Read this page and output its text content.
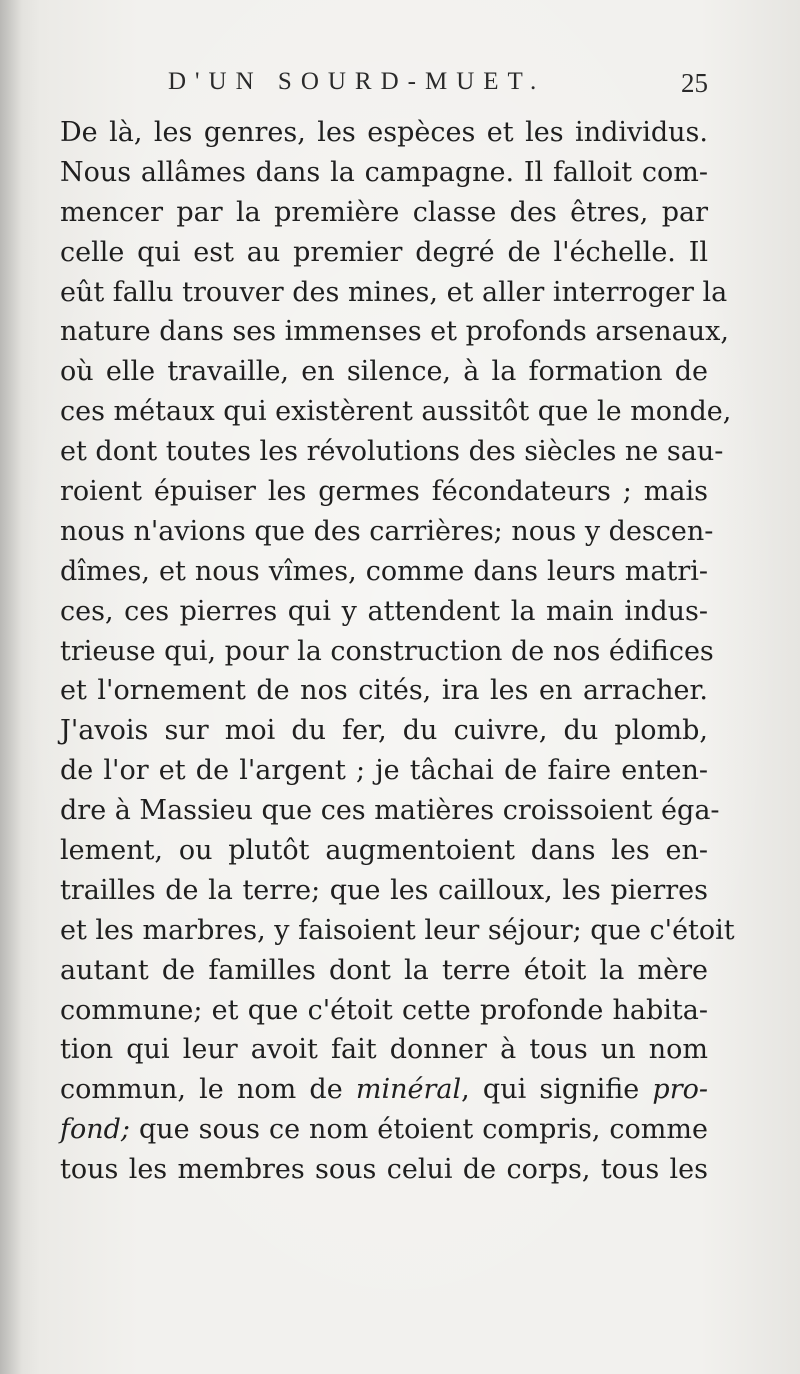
D'UN SOURD-MUET.	25
De là, les genres, les espèces et les individus.
Nous allâmes dans la campagne. Il falloit com-
mencer par la première classe des êtres, par
celle qui est au premier degré de l'échelle. Il
eût fallu trouver des mines, et aller interroger la
nature dans ses immenses et profonds arsenaux,
où elle travaille, en silence, à la formation de
ces métaux qui existèrent aussitôt que le monde,
et dont toutes les révolutions des siècles ne sau-
roient épuiser les germes fécondateurs ; mais
nous n'avions que des carrières; nous y descen-
dîmes, et nous vîmes, comme dans leurs matri-
ces, ces pierres qui y attendent la main indus-
trieuse qui, pour la construction de nos édifices
et l'ornement de nos cités, ira les en arracher.
J'avois sur moi du fer, du cuivre, du plomb,
de l'or et de l'argent ; je tâchai de faire enten-
dre à Massieu que ces matières croissoient éga-
lement, ou plutôt augmentoient dans les en-
trailles de la terre; que les cailloux, les pierres
et les marbres, y faisoient leur séjour; que c'étoit
autant de familles dont la terre étoit la mère
commune; et que c'étoit cette profonde habita-
tion qui leur avoit fait donner à tous un nom
commun, le nom de minéral, qui signifie pro-
fond; que sous ce nom étoient compris, comme
tous les membres sous celui de corps, tous les
